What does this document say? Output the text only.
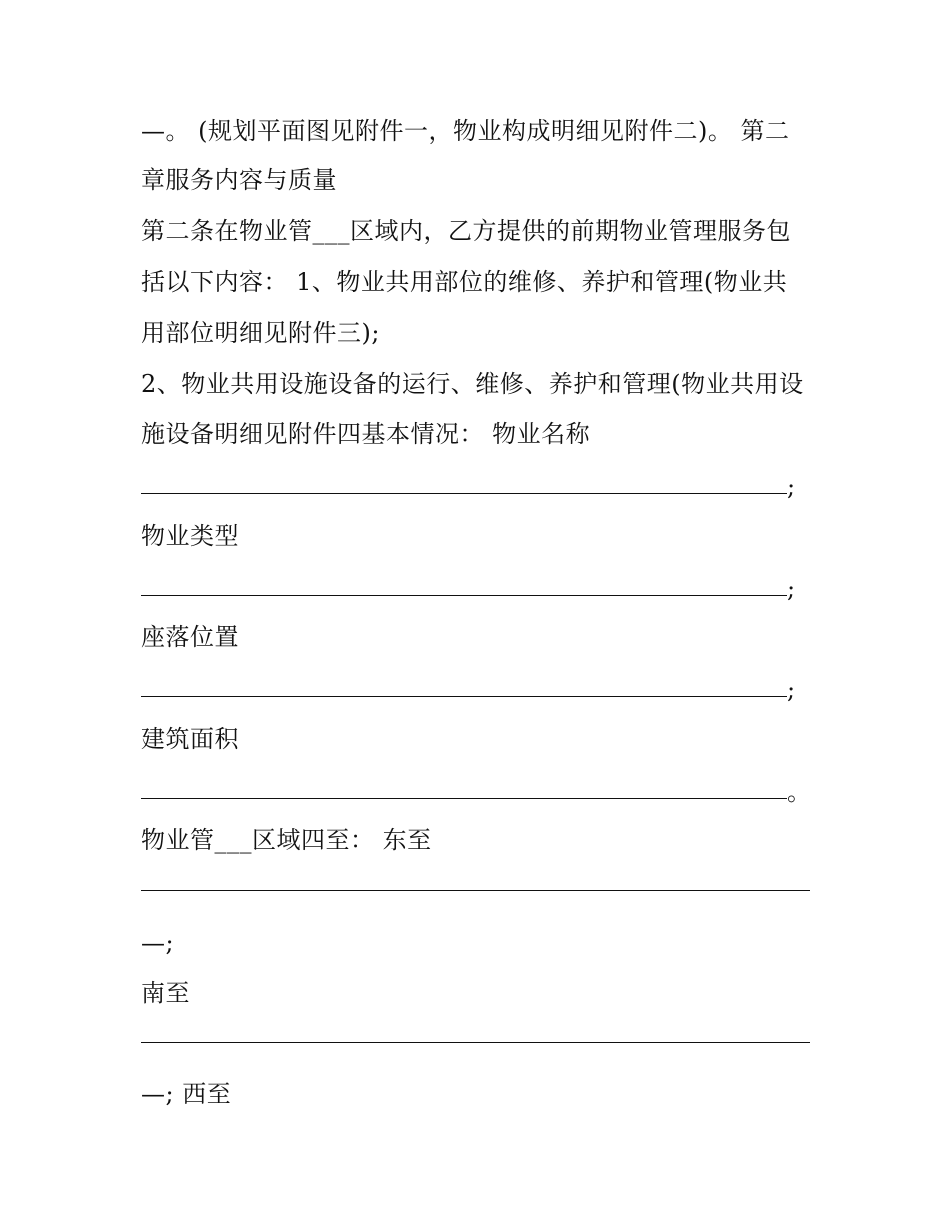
—。 (规划平面图见附件一，物业构成明细见附件二)。 第二
章服务内容与质量
第二条在物业管___区域内，乙方提供的前期物业管理服务包
括以下内容： 1、物业共用部位的维修、养护和管理(物业共
用部位明细见附件三);
2、物业共用设施设备的运行、维修、养护和管理(物业共用设
施设备明细见附件四基本情况： 物业名称
;
物业类型
;
座落位置
;
建筑面积
。
物业管___区域四至： 东至
—;
南至
—; 西至
